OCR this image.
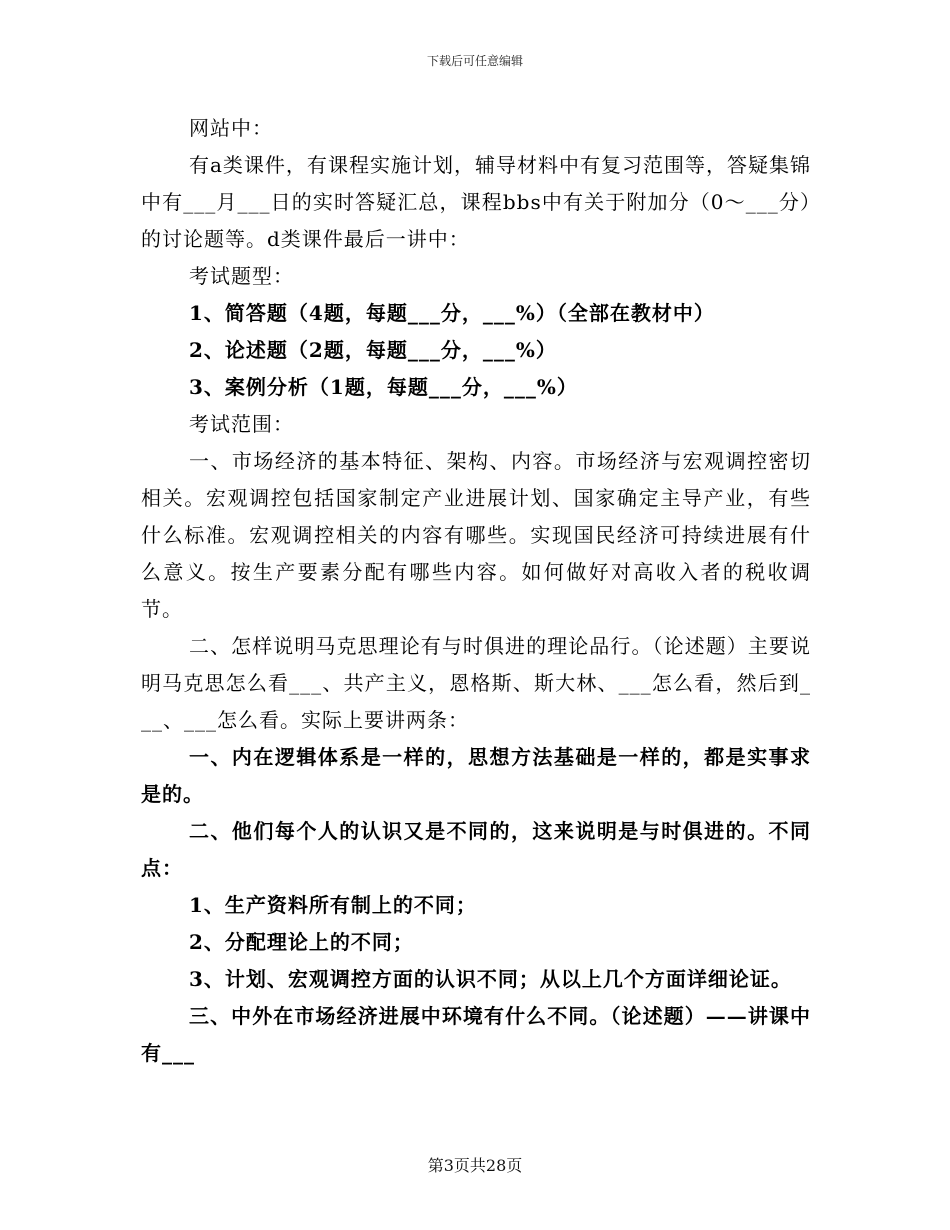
下载后可任意编辑

网站中：

有a类课件，有课程实施计划，辅导材料中有复习范围等，答疑集锦中有___月___日的实时答疑汇总，课程bbs中有关于附加分（0～___分）的讨论题等。d类课件最后一讲中：

考试题型：

1、简答题（4题，每题___分，___%）（全部在教材中）

2、论述题（2题，每题___分，___%）

3、案例分析（1题，每题___分，___%）

考试范围：

一、市场经济的基本特征、架构、内容。市场经济与宏观调控密切相关。宏观调控包括国家制定产业进展计划、国家确定主导产业，有些什么标准。宏观调控相关的内容有哪些。实现国民经济可持续进展有什么意义。按生产要素分配有哪些内容。如何做好对高收入者的税收调节。

二、怎样说明马克思理论有与时俱进的理论品行。（论述题）主要说明马克思怎么看___、共产主义，恩格斯、斯大林、___怎么看，然后到___、___怎么看。实际上要讲两条：

一、内在逻辑体系是一样的，思想方法基础是一样的，都是实事求是的。

二、他们每个人的认识又是不同的，这来说明是与时俱进的。不同点：

1、生产资料所有制上的不同；

2、分配理论上的不同；

3、计划、宏观调控方面的认识不同；从以上几个方面详细论证。

三、中外在市场经济进展中环境有什么不同。（论述题）——讲课中有___

第3页共28页
